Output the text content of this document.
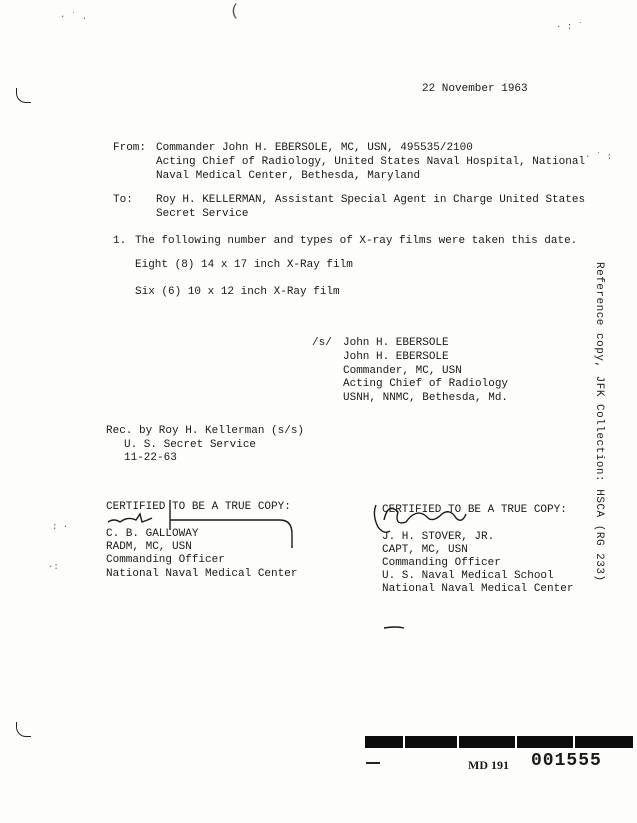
· ˙ .	(
· : ˙
: ·
·:
· ˙ :
22 November 1963
From: Commander John H. EBERSOLE, MC, USN, 495535/2100
Acting Chief of Radiology, United States Naval Hospital, National
Naval Medical Center, Bethesda, Maryland
To: Roy H. KELLERMAN, Assistant Special Agent in Charge United States
Secret Service
1. The following number and types of X-ray films were taken this date.
Eight (8) 14 x 17 inch X-Ray film
Six (6) 10 x 12 inch X-Ray film
/s/ John H. EBERSOLE
John H. EBERSOLE
Commander, MC, USN
Acting Chief of Radiology
USNH, NNMC, Bethesda, Md.
Rec. by Roy H. Kellerman (s/s)
U. S. Secret Service
11-22-63
CERTIFIED TO BE A TRUE COPY:
C. B. GALLOWAY
RADM, MC, USN
Commanding Officer
National Naval Medical Center
CERTIFIED TO BE A TRUE COPY:
J. H. STOVER, JR.
CAPT, MC, USN
Commanding Officer
U. S. Naval Medical School
National Naval Medical Center
Reference copy, JFK Collection: HSCA (RG 233)
MD 191 001555
